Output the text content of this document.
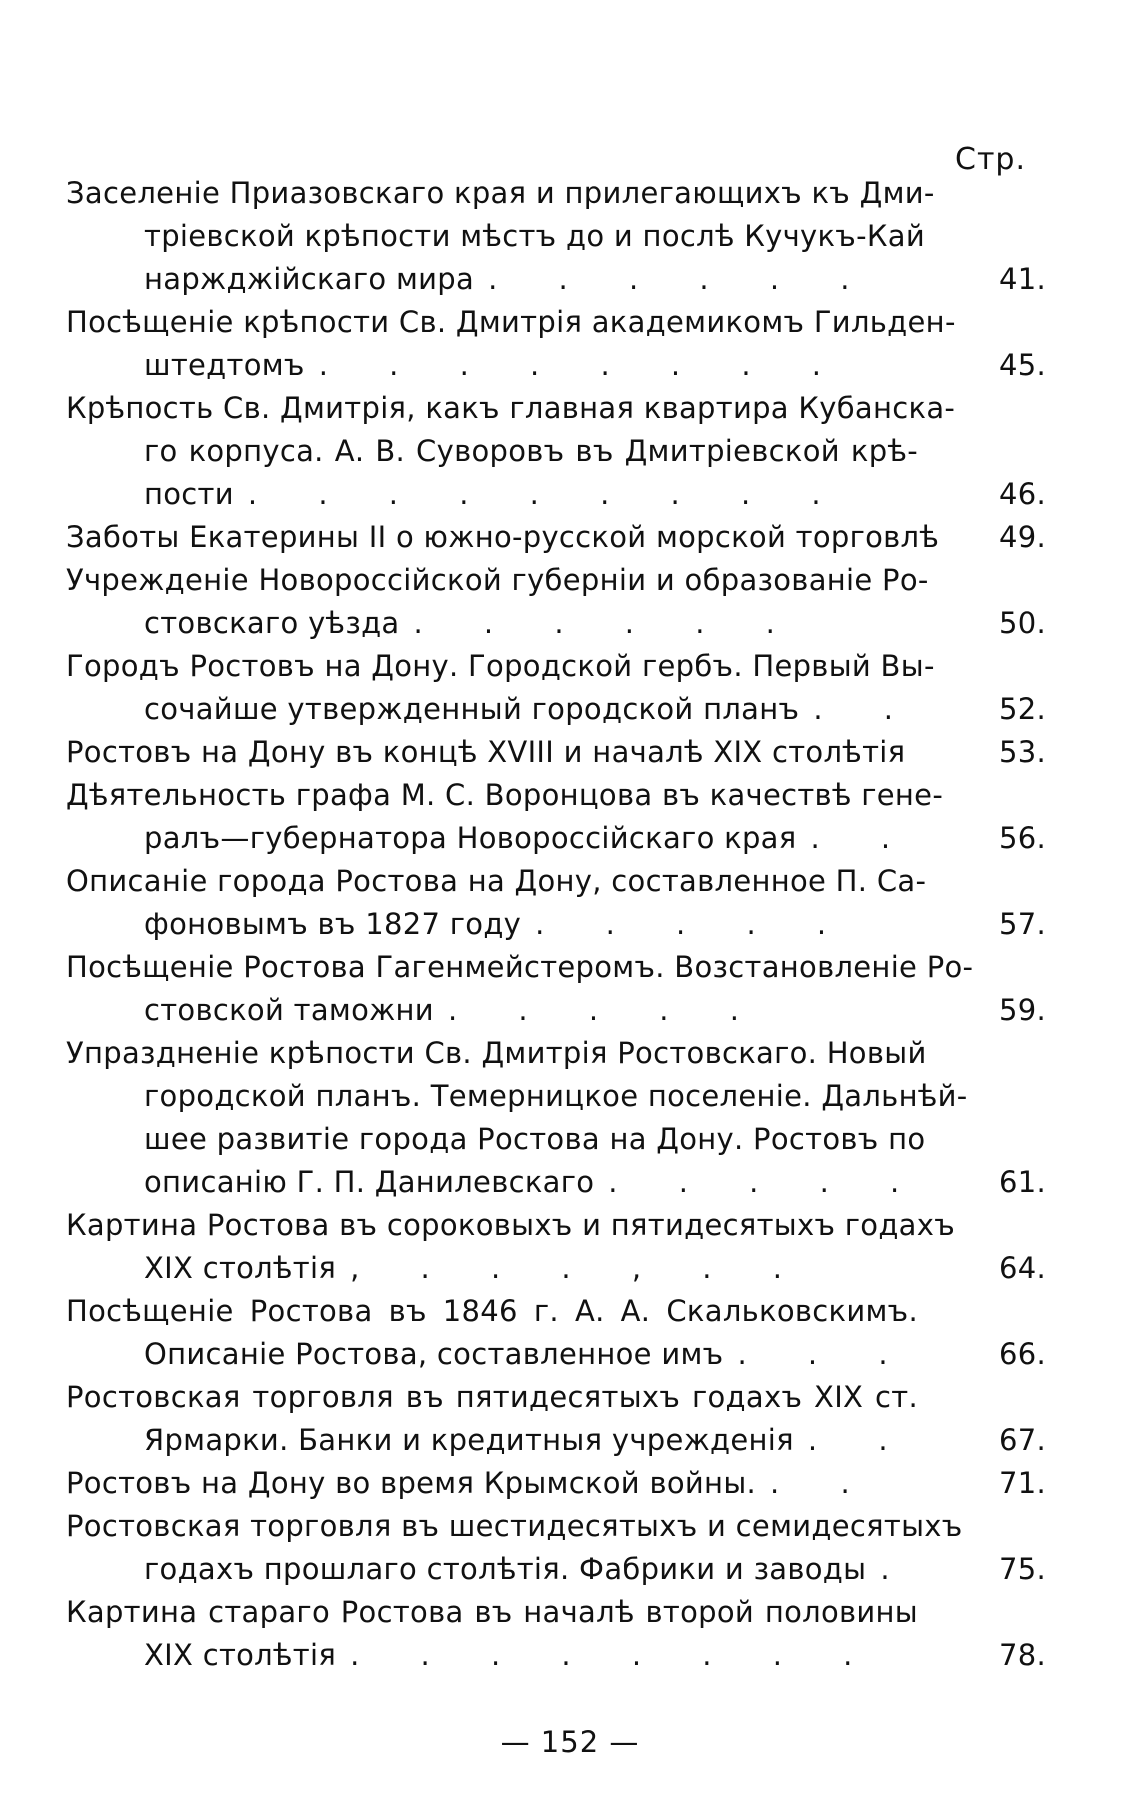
Стр.
Заселеніе Приазовскаго края и прилегающихъ къ Дми-
тріевской крѣпости мѣстъ до и послѣ Кучукъ-Кай
наржджійскаго мира . . . . . .	41.
Посѣщеніе крѣпости Св. Дмитрія академикомъ Гильден-
штедтомъ . . . . . . . .	45.
Крѣпость Св. Дмитрія, какъ главная квартира Кубанска-
го корпуса. А. В. Суворовъ въ Дмитріевской крѣ-
пости . . . . . . . . .	46.
Заботы Екатерины II о южно-русской морской торговлѣ	49.
Учрежденіе Новороссійской губерніи и образованіе Ро-
стовскаго уѣзда . . . . . .	50.
Городъ Ростовъ на Дону. Городской гербъ. Первый Вы-
сочайше утвержденный городской планъ . .	52.
Ростовъ на Дону въ концѣ XVIII и началѣ XIX столѣтія	53.
Дѣятельность графа М. С. Воронцова въ качествѣ гене-
ралъ—губернатора Новороссійскаго края . .	56.
Описаніе города Ростова на Дону, составленное П. Са-
фоновымъ въ 1827 году . . . . .	57.
Посѣщеніе Ростова Гагенмейстеромъ. Возстановленіе Ро-
стовской таможни . . . . .	59.
Упраздненіе крѣпости Св. Дмитрія Ростовскаго. Новый
городской планъ. Темерницкое поселеніе. Дальнѣй-
шее развитіе города Ростова на Дону. Ростовъ по
описанію Г. П. Данилевскаго . . . . .	61.
Картина Ростова въ сороковыхъ и пятидесятыхъ годахъ
XIX столѣтія , . . . , . .	64.
Посѣщеніе Ростова въ 1846 г. А. А. Скальковскимъ.
Описаніе Ростова, составленное имъ . . .	66.
Ростовская торговля въ пятидесятыхъ годахъ XIX ст.
Ярмарки. Банки и кредитныя учрежденія . .	67.
Ростовъ на Дону во время Крымской войны. . .	71.
Ростовская торговля въ шестидесятыхъ и семидесятыхъ
годахъ прошлаго столѣтія. Фабрики и заводы .	75.
Картина стараго Ростова въ началѣ второй половины
XIX столѣтія . . . . . . . .	78.
— 152 —
